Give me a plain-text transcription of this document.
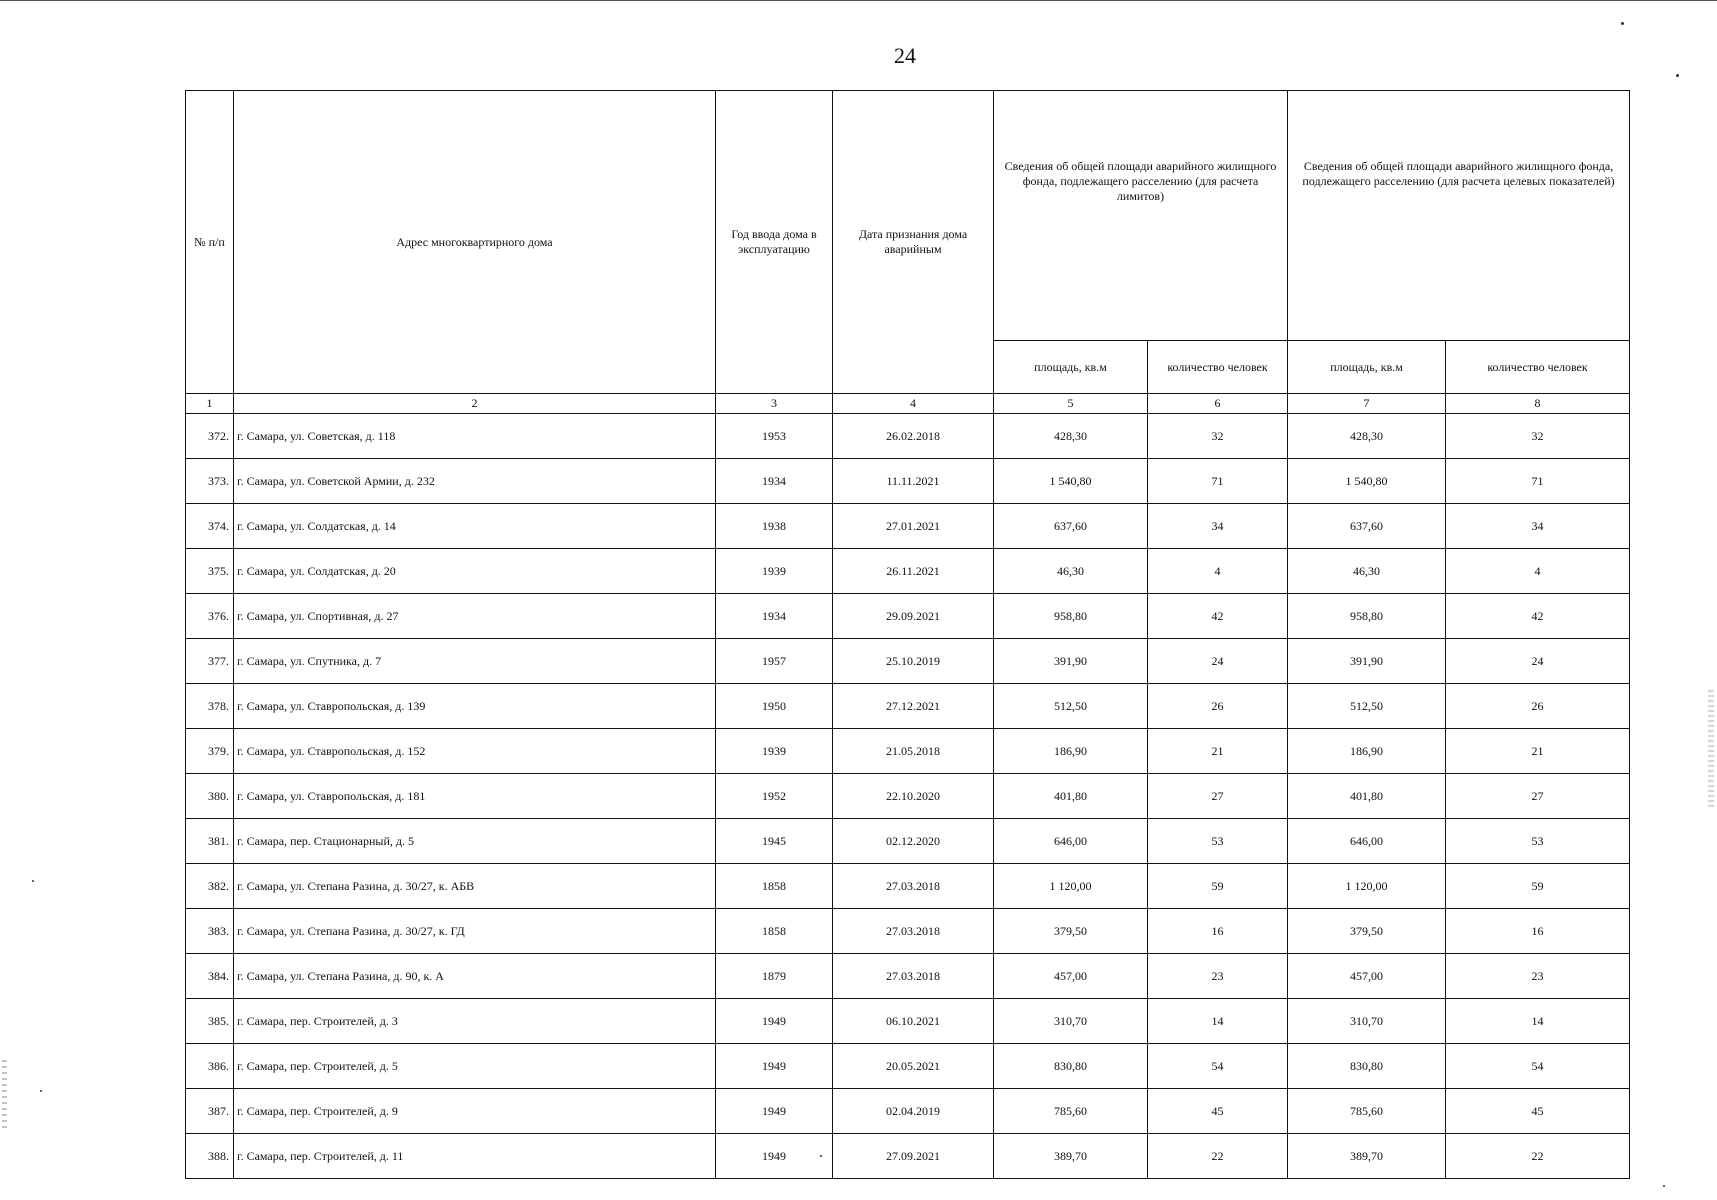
24
№ п/п	Адрес многоквартирного дома	Год ввода дома в эксплуатацию	Дата признания дома аварийным	Сведения об общей площади аварийного жилищного фонда, подлежащего расселению (для расчета лимитов)		Сведения об общей площади аварийного жилищного фонда, подлежащего расселению (для расчета целевых показателей)	
				площадь, кв.м	количество человек	площадь, кв.м	количество человек
1	2	3	4	5	6	7	8
372.	г. Самара, ул. Советская, д. 118	1953	26.02.2018	428,30	32	428,30	32
373.	г. Самара, ул. Советской Армии, д. 232	1934	11.11.2021	1 540,80	71	1 540,80	71
374.	г. Самара, ул. Солдатская, д. 14	1938	27.01.2021	637,60	34	637,60	34
375.	г. Самара, ул. Солдатская, д. 20	1939	26.11.2021	46,30	4	46,30	4
376.	г. Самара, ул. Спортивная, д. 27	1934	29.09.2021	958,80	42	958,80	42
377.	г. Самара, ул. Спутника, д. 7	1957	25.10.2019	391,90	24	391,90	24
378.	г. Самара, ул. Ставропольская, д. 139	1950	27.12.2021	512,50	26	512,50	26
379.	г. Самара, ул. Ставропольская, д. 152	1939	21.05.2018	186,90	21	186,90	21
380.	г. Самара, ул. Ставропольская, д. 181	1952	22.10.2020	401,80	27	401,80	27
381.	г. Самара, пер. Стационарный, д. 5	1945	02.12.2020	646,00	53	646,00	53
382.	г. Самара, ул. Степана Разина, д. 30/27, к. АБВ	1858	27.03.2018	1 120,00	59	1 120,00	59
383.	г. Самара, ул. Степана Разина, д. 30/27, к. ГД	1858	27.03.2018	379,50	16	379,50	16
384.	г. Самара, ул. Степана Разина, д. 90, к. А	1879	27.03.2018	457,00	23	457,00	23
385.	г. Самара, пер. Строителей, д. 3	1949	06.10.2021	310,70	14	310,70	14
386.	г. Самара, пер. Строителей, д. 5	1949	20.05.2021	830,80	54	830,80	54
387.	г. Самара, пер. Строителей, д. 9	1949	02.04.2019	785,60	45	785,60	45
388.	г. Самара, пер. Строителей, д. 11	1949	27.09.2021	389,70	22	389,70	22
